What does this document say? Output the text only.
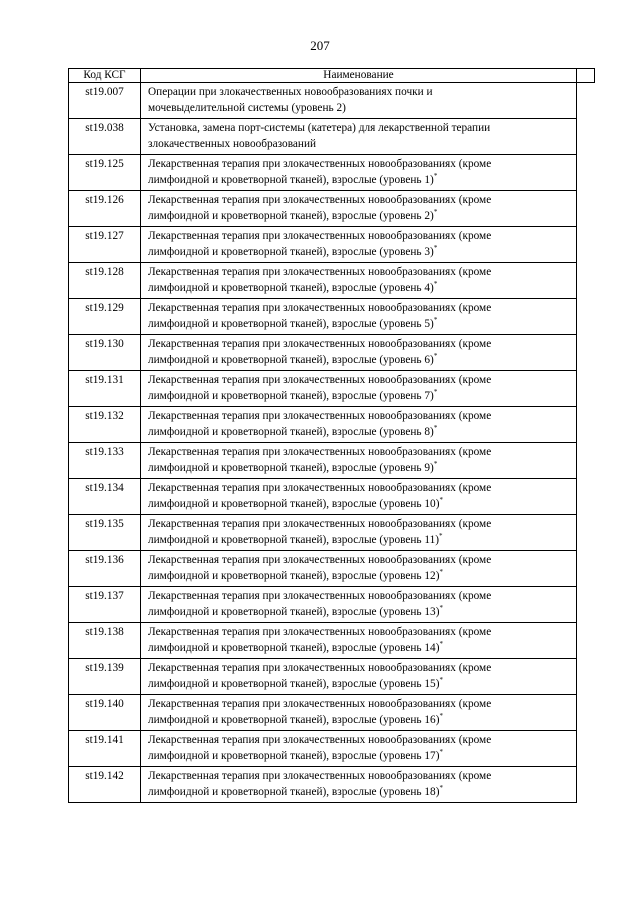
207
Код КСГ	Наименование
st19.007	Операции при злокачественных новообразованиях почки и
мочевыделительной системы (уровень 2)
st19.038	Установка, замена порт-системы (катетера) для лекарственной терапии
злокачественных новообразований
st19.125	Лекарственная терапия при злокачественных новообразованиях (кроме
лимфоидной и кроветворной тканей), взрослые (уровень 1)*
st19.126	Лекарственная терапия при злокачественных новообразованиях (кроме
лимфоидной и кроветворной тканей), взрослые (уровень 2)*
st19.127	Лекарственная терапия при злокачественных новообразованиях (кроме
лимфоидной и кроветворной тканей), взрослые (уровень 3)*
st19.128	Лекарственная терапия при злокачественных новообразованиях (кроме
лимфоидной и кроветворной тканей), взрослые (уровень 4)*
st19.129	Лекарственная терапия при злокачественных новообразованиях (кроме
лимфоидной и кроветворной тканей), взрослые (уровень 5)*
st19.130	Лекарственная терапия при злокачественных новообразованиях (кроме
лимфоидной и кроветворной тканей), взрослые (уровень 6)*
st19.131	Лекарственная терапия при злокачественных новообразованиях (кроме
лимфоидной и кроветворной тканей), взрослые (уровень 7)*
st19.132	Лекарственная терапия при злокачественных новообразованиях (кроме
лимфоидной и кроветворной тканей), взрослые (уровень 8)*
st19.133	Лекарственная терапия при злокачественных новообразованиях (кроме
лимфоидной и кроветворной тканей), взрослые (уровень 9)*
st19.134	Лекарственная терапия при злокачественных новообразованиях (кроме
лимфоидной и кроветворной тканей), взрослые (уровень 10)*
st19.135	Лекарственная терапия при злокачественных новообразованиях (кроме
лимфоидной и кроветворной тканей), взрослые (уровень 11)*
st19.136	Лекарственная терапия при злокачественных новообразованиях (кроме
лимфоидной и кроветворной тканей), взрослые (уровень 12)*
st19.137	Лекарственная терапия при злокачественных новообразованиях (кроме
лимфоидной и кроветворной тканей), взрослые (уровень 13)*
st19.138	Лекарственная терапия при злокачественных новообразованиях (кроме
лимфоидной и кроветворной тканей), взрослые (уровень 14)*
st19.139	Лекарственная терапия при злокачественных новообразованиях (кроме
лимфоидной и кроветворной тканей), взрослые (уровень 15)*
st19.140	Лекарственная терапия при злокачественных новообразованиях (кроме
лимфоидной и кроветворной тканей), взрослые (уровень 16)*
st19.141	Лекарственная терапия при злокачественных новообразованиях (кроме
лимфоидной и кроветворной тканей), взрослые (уровень 17)*
st19.142	Лекарственная терапия при злокачественных новообразованиях (кроме
лимфоидной и кроветворной тканей), взрослые (уровень 18)*
